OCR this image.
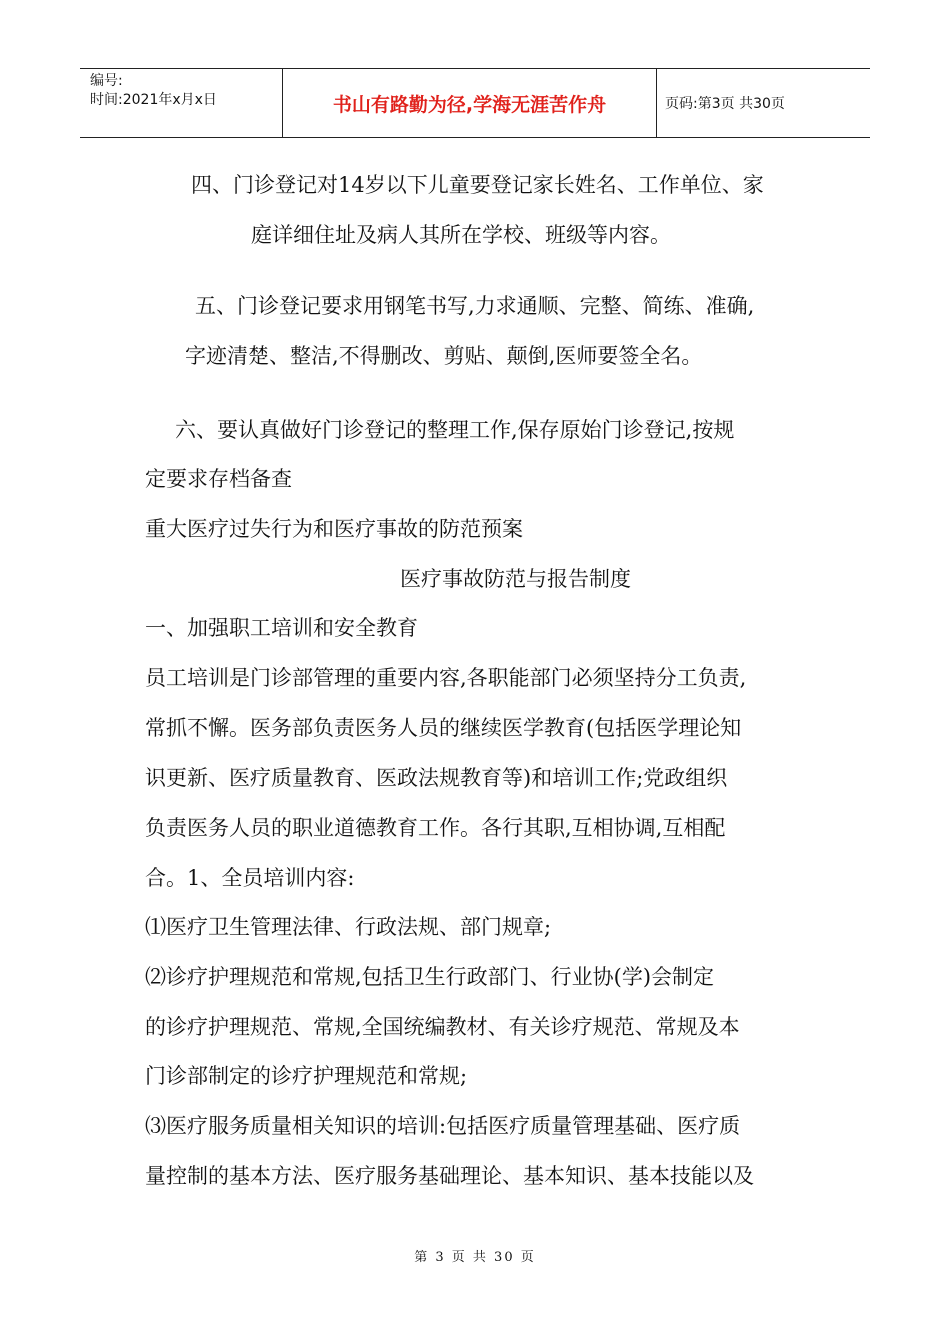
编号:
时间:2021年x月x日	书山有路勤为径,学海无涯苦作舟	页码:第3页 共30页
四、门诊登记对14岁以下儿童要登记家长姓名、工作单位、家
庭详细住址及病人其所在学校、班级等内容。
五、门诊登记要求用钢笔书写,力求通顺、完整、简练、准确,
字迹清楚、整洁,不得删改、剪贴、颠倒,医师要签全名。
六、要认真做好门诊登记的整理工作,保存原始门诊登记,按规
定要求存档备查
重大医疗过失行为和医疗事故的防范预案
医疗事故防范与报告制度
一、加强职工培训和安全教育
员工培训是门诊部管理的重要内容,各职能部门必须坚持分工负责,
常抓不懈。医务部负责医务人员的继续医学教育(包括医学理论知
识更新、医疗质量教育、医政法规教育等)和培训工作;党政组织
负责医务人员的职业道德教育工作。各行其职,互相协调,互相配
合。1、全员培训内容:
⑴医疗卫生管理法律、行政法规、部门规章;
⑵诊疗护理规范和常规,包括卫生行政部门、行业协(学)会制定
的诊疗护理规范、常规,全国统编教材、有关诊疗规范、常规及本
门诊部制定的诊疗护理规范和常规;
⑶医疗服务质量相关知识的培训:包括医疗质量管理基础、医疗质
量控制的基本方法、医疗服务基础理论、基本知识、基本技能以及
第 3 页 共 30 页
